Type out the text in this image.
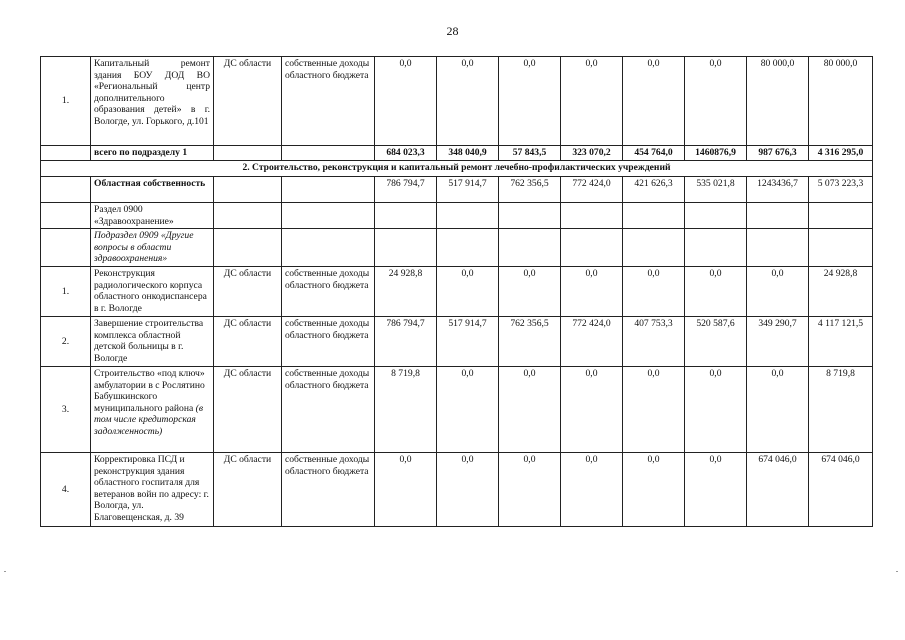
28
1.	Капитальный ремонт здания БОУ ДОД ВО «Региональный центр дополнительного образования детей» в г. Вологде, ул. Горького, д.101	ДС области	собственные доходы областного бюджета	0,0	0,0	0,0	0,0	0,0	0,0	80 000,0	80 000,0
	всего по подразделу 1			684 023,3	348 040,9	57 843,5	323 070,2	454 764,0	1460876,9	987 676,3	4 316 295,0
2. Строительство, реконструкция и капитальный ремонт лечебно-профилактических учреждений											
	Областная собственность			786 794,7	517 914,7	762 356,5	772 424,0	421 626,3	535 021,8	1243436,7	5 073 223,3
	Раздел 0900 «Здравоохранение»										
	Подраздел 0909 «Другие вопросы в области здравоохранения»										
1.	Реконструкция радиологического корпуса областного онкодиспансера в г. Вологде	ДС области	собственные доходы областного бюджета	24 928,8	0,0	0,0	0,0	0,0	0,0	0,0	24 928,8
2.	Завершение строительства комплекса областной детской больницы в г. Вологде	ДС области	собственные доходы областного бюджета	786 794,7	517 914,7	762 356,5	772 424,0	407 753,3	520 587,6	349 290,7	4 117 121,5
3.	Строительство «под ключ» амбулатории в с Рослятино Бабушкинского муниципального района (в том числе кредиторская задолженность)	ДС области	собственные доходы областного бюджета	8 719,8	0,0	0,0	0,0	0,0	0,0	0,0	8 719,8
4.	Корректировка ПСД и реконструкция здания областного госпиталя для ветеранов войн по адресу: г. Вологда, ул. Благовещенская, д. 39	ДС области	собственные доходы областного бюджета	0,0	0,0	0,0	0,0	0,0	0,0	674 046,0	674 046,0
